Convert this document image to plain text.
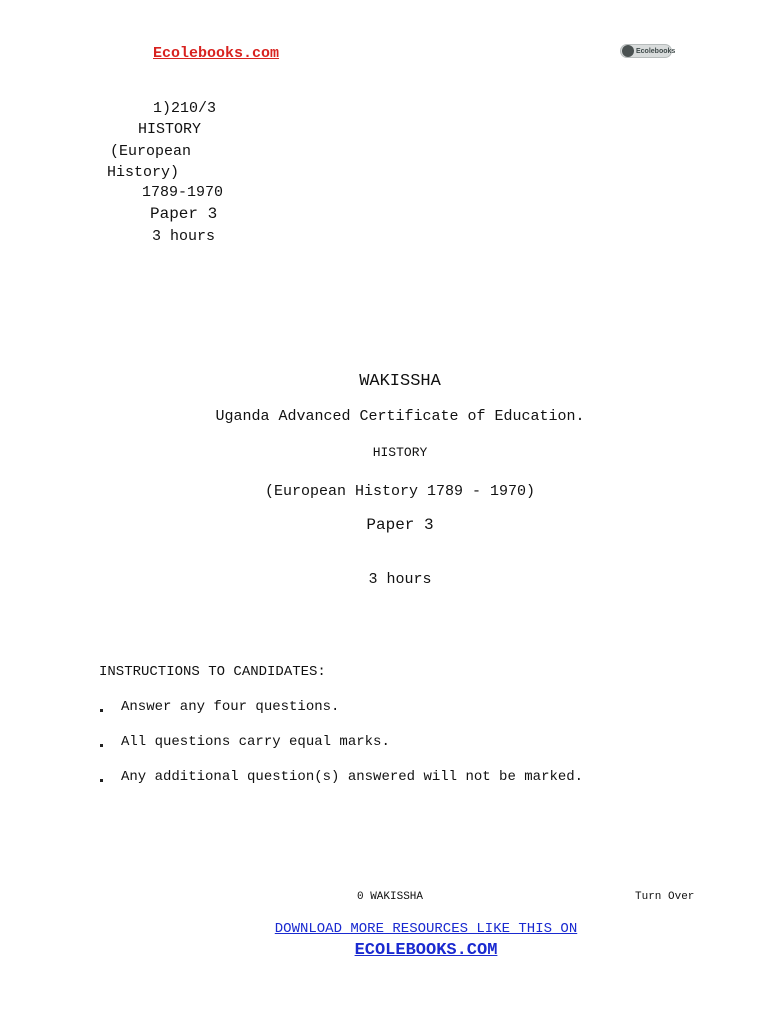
Ecolebooks.com	Ecolebooks
1)210/3
HISTORY
(European
History)
1789-1970
Paper 3
3 hours
WAKISSHA
Uganda Advanced Certificate of Education.
HISTORY
(European History 1789 - 1970)
Paper 3
3 hours
INSTRUCTIONS TO CANDIDATES:
Answer any four questions.
All questions carry equal marks.
Any additional question(s) answered will not be marked.
0 WAKISSHA	Turn Over
DOWNLOAD MORE RESOURCES LIKE THIS ON
ECOLEBOOKS.COM
